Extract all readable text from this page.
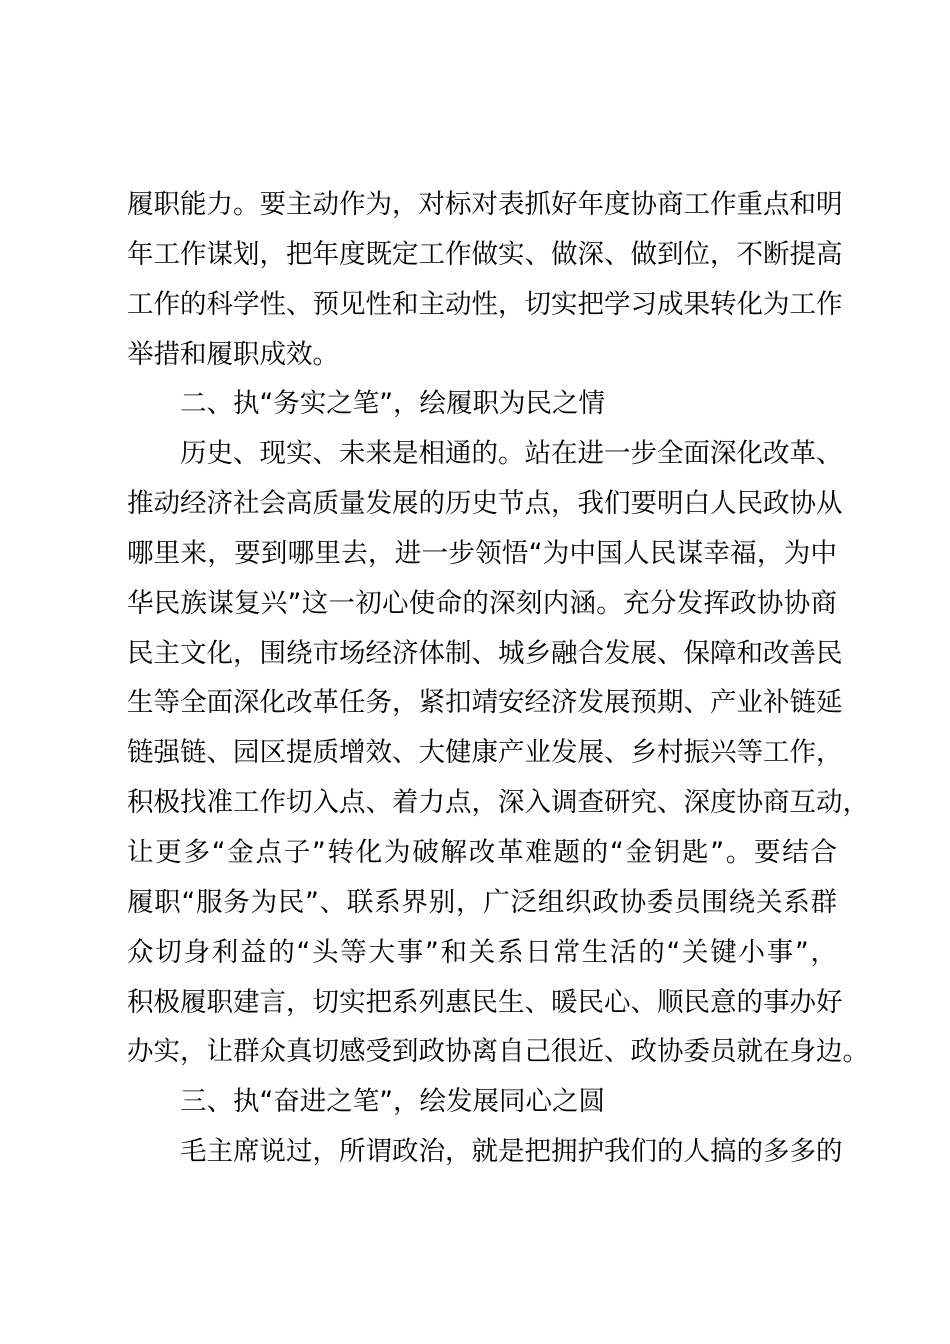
履职能力。要主动作为，对标对表抓好年度协商工作重点和明
年工作谋划，把年度既定工作做实、做深、做到位，不断提高
工作的科学性、预见性和主动性，切实把学习成果转化为工作
举措和履职成效。
二、执“务实之笔”，绘履职为民之情
历史、现实、未来是相通的。站在进一步全面深化改革、
推动经济社会高质量发展的历史节点，我们要明白人民政协从
哪里来，要到哪里去，进一步领悟“为中国人民谋幸福，为中
华民族谋复兴”这一初心使命的深刻内涵。充分发挥政协协商
民主文化，围绕市场经济体制、城乡融合发展、保障和改善民
生等全面深化改革任务，紧扣靖安经济发展预期、产业补链延
链强链、园区提质增效、大健康产业发展、乡村振兴等工作，
积极找准工作切入点、着力点，深入调查研究、深度协商互动，
让更多“金点子”转化为破解改革难题的“金钥匙”。要结合
履职“服务为民”、联系界别，广泛组织政协委员围绕关系群
众切身利益的“头等大事”和关系日常生活的“关键小事”，
积极履职建言，切实把系列惠民生、暖民心、顺民意的事办好
办实，让群众真切感受到政协离自己很近、政协委员就在身边。
三、执“奋进之笔”，绘发展同心之圆
毛主席说过，所谓政治，就是把拥护我们的人搞的多多的
